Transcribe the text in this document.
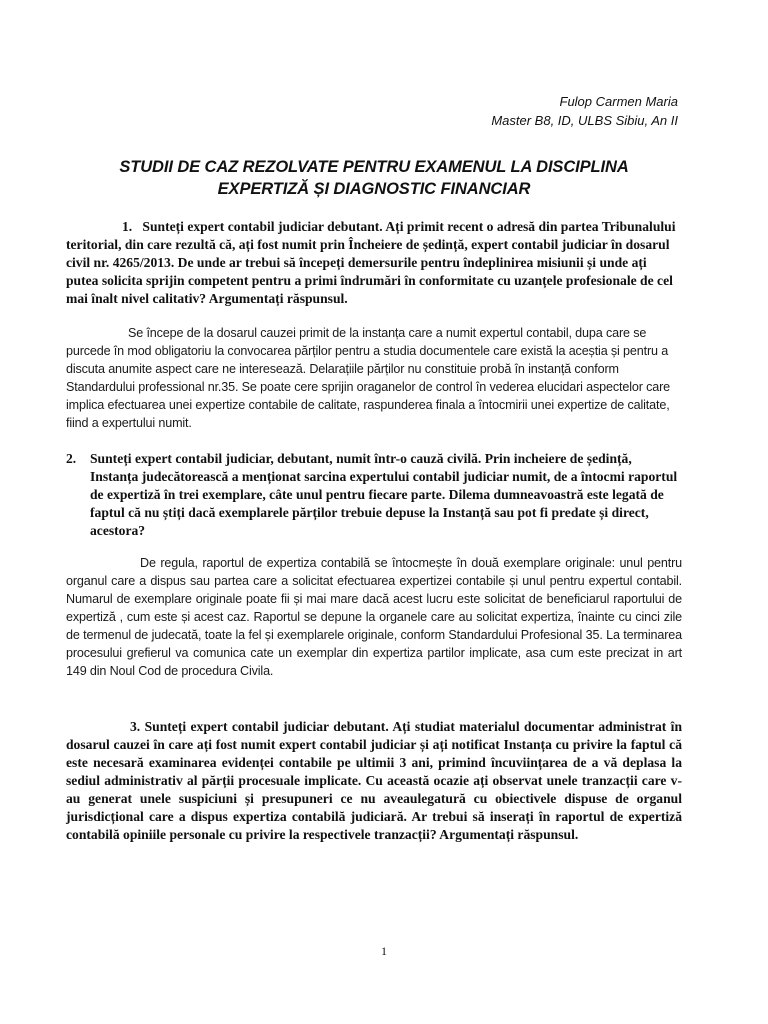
Fulop Carmen Maria
Master B8, ID, ULBS Sibiu, An II
STUDII DE CAZ REZOLVATE PENTRU EXAMENUL LA DISCIPLINA
EXPERTIZĂ ȘI DIAGNOSTIC FINANCIAR

1. Sunteți expert contabil judiciar debutant. Ați primit recent o adresă din partea Tribunalului teritorial, din care rezultă că, ați fost numit prin Încheiere de ședință, expert contabil judiciar în dosarul civil nr. 4265/2013. De unde ar trebui să începeți demersurile pentru îndeplinirea misiunii și unde ați putea solicita sprijin competent pentru a primi îndrumări în conformitate cu uzanțele profesionale de cel mai înalt nivel calitativ? Argumentați răspunsul.

Se începe de la dosarul cauzei primit de la instanța care a numit expertul contabil, dupa care se purcede în mod obligatoriu la convocarea părților pentru a studia documentele care există la aceștia și pentru a discuta anumite aspect care ne interesează. Delarațiile părților nu constituie probă în instanță conform Standardului professional nr.35. Se poate cere sprijin oraganelor de control în vederea elucidari aspectelor care implica efectuarea unei expertize contabile de calitate, raspunderea finala a întocmirii unei expertize de calitate, fiind a expertului numit.

2.	Sunteți expert contabil judiciar, debutant, numit într-o cauză civilă. Prin incheiere de ședință, Instanța judecătorească a menționat sarcina expertului contabil judiciar numit, de a întocmi raportul de expertiză în trei exemplare, câte unul pentru fiecare parte. Dilema dumneavoastră este legată de faptul că nu știți dacă exemplarele părților trebuie depuse la Instanță sau pot fi predate și direct, acestora?

De regula, raportul de expertiza contabilă se întocmește în două exemplare originale: unul pentru organul care a dispus sau partea care a solicitat efectuarea expertizei contabile și unul pentru expertul contabil. Numarul de exemplare originale poate fii și mai mare dacă acest lucru este solicitat de beneficiarul raportului de expertiză , cum este și acest caz. Raportul se depune la organele care au solicitat expertiza, înainte cu cinci zile de termenul de judecată, toate la fel și exemplarele originale, conform Standardului Profesional 35. La terminarea procesului grefierul va comunica cate un exemplar din expertiza partilor implicate, asa cum este precizat in art 149 din Noul Cod de procedura Civila.

3. Sunteți expert contabil judiciar debutant. Ați studiat materialul documentar administrat în dosarul cauzei în care ați fost numit expert contabil judiciar și ați notificat Instanța cu privire la faptul că este necesară examinarea evidenței contabile pe ultimii 3 ani, primind încuviințarea de a vă deplasa la sediul administrativ al părții procesuale implicate. Cu această ocazie ați observat unele tranzacții care v-au generat unele suspiciuni și presupuneri ce nu aveaulegatură cu obiectivele dispuse de organul jurisdicțional care a dispus expertiza contabilă judiciară. Ar trebui să inserați în raportul de expertiză contabilă opiniile personale cu privire la respectivele tranzacții? Argumentați răspunsul.

1
